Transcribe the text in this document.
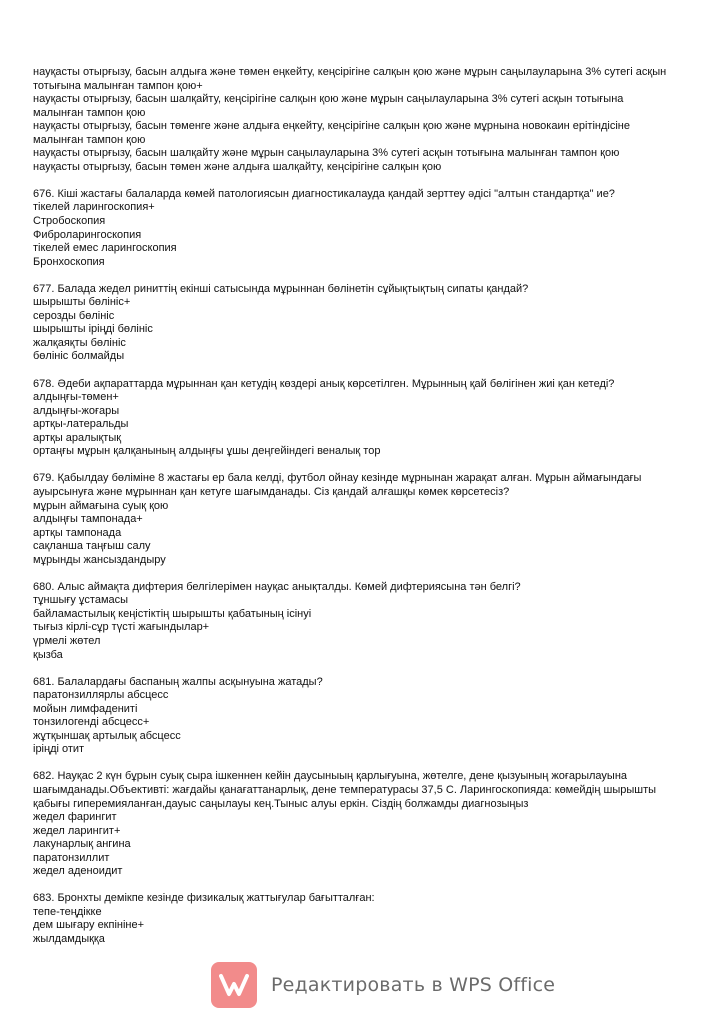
науқасты отырғызу, басын алдыға және төмен еңкейту, кеңсірігіне салқын қою және мұрын саңылауларына 3% сутегі асқын
тотығына малынған тампон қою+
науқасты отырғызу, басын шалқайту, кеңсірігіне салқын қою және мұрын саңылауларына 3% сутегі асқын тотығына
малынған тампон қою
науқасты отырғызу, басын төменге және алдыға еңкейту, кеңсірігіне салқын қою және мұрнына новокаин ерітіндісіне
малынған тампон қою
науқасты отырғызу, басын шалқайту және мұрын саңылауларына 3% сутегі асқын тотығына малынған тампон қою
науқасты отырғызу, басын төмен және алдыға шалқайту, кеңсірігіне салқын қою
676. Кіші жастағы балаларда көмей патологиясын диагностикалауда қандай зерттеу әдісі "алтын стандартқа" ие?
тікелей ларингоскопия+
Стробоскопия
Фиброларингоскопия
тікелей емес ларингоскопия
Бронхоскопия
677. Балада жедел риниттің екінші сатысында мұрыннан бөлінетін сұйықтықтың сипаты қандай?
шырышты бөлініс+
серозды бөлініс
шырышты іріңді бөлініс
жалқаяқты бөлініс
бөлініс болмайды
678. Әдеби ақпараттарда мұрыннан қан кетудің көздері анық көрсетілген. Мұрынның қай бөлігінен жиі қан кетеді?
алдыңғы-төмен+
алдыңғы-жоғары
артқы-латеральды
артқы аралықтық
ортаңғы мұрын қалқанының алдыңғы ұшы деңгейіндегі веналық тор
679. Қабылдау бөліміне 8 жастағы ер бала келді, футбол ойнау кезінде мұрнынан жарақат алған. Мұрын аймағындағы
ауырсынуға және мұрыннан қан кетуге шағымданады. Сіз қандай алғашқы көмек көрсетесіз?
мұрын аймағына суық қою
алдыңғы тампонада+
артқы тампонада
сақланша таңғыш салу
мұрынды жансыздандыру
680. Алыс аймақта дифтерия белгілерімен науқас анықталды. Көмей дифтериясына тән белгі?
тұншығу ұстамасы
байламастылық кеңістіктің шырышты қабатының ісінуі
тығыз кірлі-сұр түсті жағындылар+
үрмелі жөтел
қызба
681. Балалардағы баспаның жалпы асқынуына жатады?
паратонзиллярлы абсцесс
мойын лимфадениті
тонзилогенді абсцесс+
жұтқыншақ артылық абсцесс
іріңді отит
682. Науқас 2 күн бұрын суық сыра ішкеннен кейін даусыныың қарлығуына, жөтелге, дене қызуының жоғарылауына
шағымданады.Объективті: жағдайы қанағаттанарлық, дене температурасы 37,5 С. Ларингоскопияда: көмейдің шырышты
қабығы гиперемияланған,дауыс саңылауы кең.Тыныс алуы еркін. Сіздің болжамды диагнозыңыз
жедел фарингит
жедел ларингит+
лакунарлық ангина
паратонзиллит
жедел аденоидит
683. Бронхты демікпе кезінде физикалық жаттығулар бағытталған:
тепе-теңдікке
дем шығару екпініне+
жылдамдыққа
Редактировать в WPS Office
